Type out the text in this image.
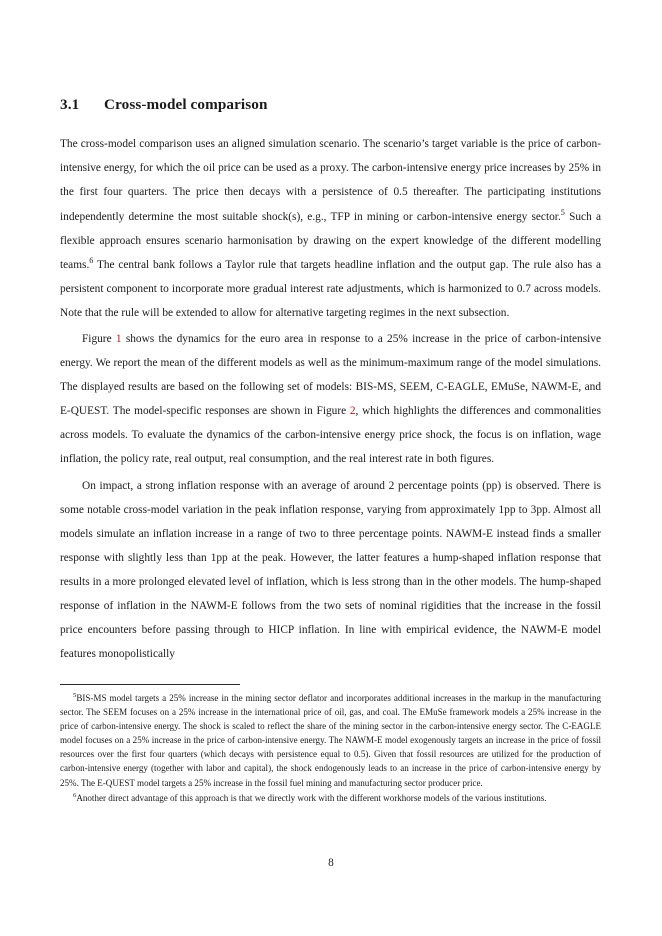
3.1 Cross-model comparison

The cross-model comparison uses an aligned simulation scenario. The scenario’s target variable is the price of carbon-intensive energy, for which the oil price can be used as a proxy. The carbon-intensive energy price increases by 25% in the first four quarters. The price then decays with a persistence of 0.5 thereafter. The participating institutions independently determine the most suitable shock(s), e.g., TFP in mining or carbon-intensive energy sector.$^5$ Such a flexible approach ensures scenario harmonisation by drawing on the expert knowledge of the different modelling teams.$^6$ The central bank follows a Taylor rule that targets headline inflation and the output gap. The rule also has a persistent component to incorporate more gradual interest rate adjustments, which is harmonized to 0.7 across models. Note that the rule will be extended to allow for alternative targeting regimes in the next subsection.

Figure 1 shows the dynamics for the euro area in response to a 25% increase in the price of carbon-intensive energy. We report the mean of the different models as well as the minimum-maximum range of the model simulations. The displayed results are based on the following set of models: BIS-MS, SEEM, C-EAGLE, EMuSe, NAWM-E, and E-QUEST. The model-specific responses are shown in Figure 2, which highlights the differences and commonalities across models. To evaluate the dynamics of the carbon-intensive energy price shock, the focus is on inflation, wage inflation, the policy rate, real output, real consumption, and the real interest rate in both figures.

On impact, a strong inflation response with an average of around 2 percentage points (pp) is observed. There is some notable cross-model variation in the peak inflation response, varying from approximately 1pp to 3pp. Almost all models simulate an inflation increase in a range of two to three percentage points. NAWM-E instead finds a smaller response with slightly less than 1pp at the peak. However, the latter features a hump-shaped inflation response that results in a more prolonged elevated level of inflation, which is less strong than in the other models. The hump-shaped response of inflation in the NAWM-E follows from the two sets of nominal rigidities that the increase in the fossil price encounters before passing through to HICP inflation. In line with empirical evidence, the NAWM-E model features monopolistically

$^5$BIS-MS model targets a 25% increase in the mining sector deflator and incorporates additional increases in the markup in the manufacturing sector. The SEEM focuses on a 25% increase in the international price of oil, gas, and coal. The EMuSe framework models a 25% increase in the price of carbon-intensive energy. The shock is scaled to reflect the share of the mining sector in the carbon-intensive energy sector. The C-EAGLE model focuses on a 25% increase in the price of carbon-intensive energy. The NAWM-E model exogenously targets an increase in the price of fossil resources over the first four quarters (which decays with persistence equal to 0.5). Given that fossil resources are utilized for the production of carbon-intensive energy (together with labor and capital), the shock endogenously leads to an increase in the price of carbon-intensive energy by 25%. The E-QUEST model targets a 25% increase in the fossil fuel mining and manufacturing sector producer price.

$^6$Another direct advantage of this approach is that we directly work with the different workhorse models of the various institutions.

8
